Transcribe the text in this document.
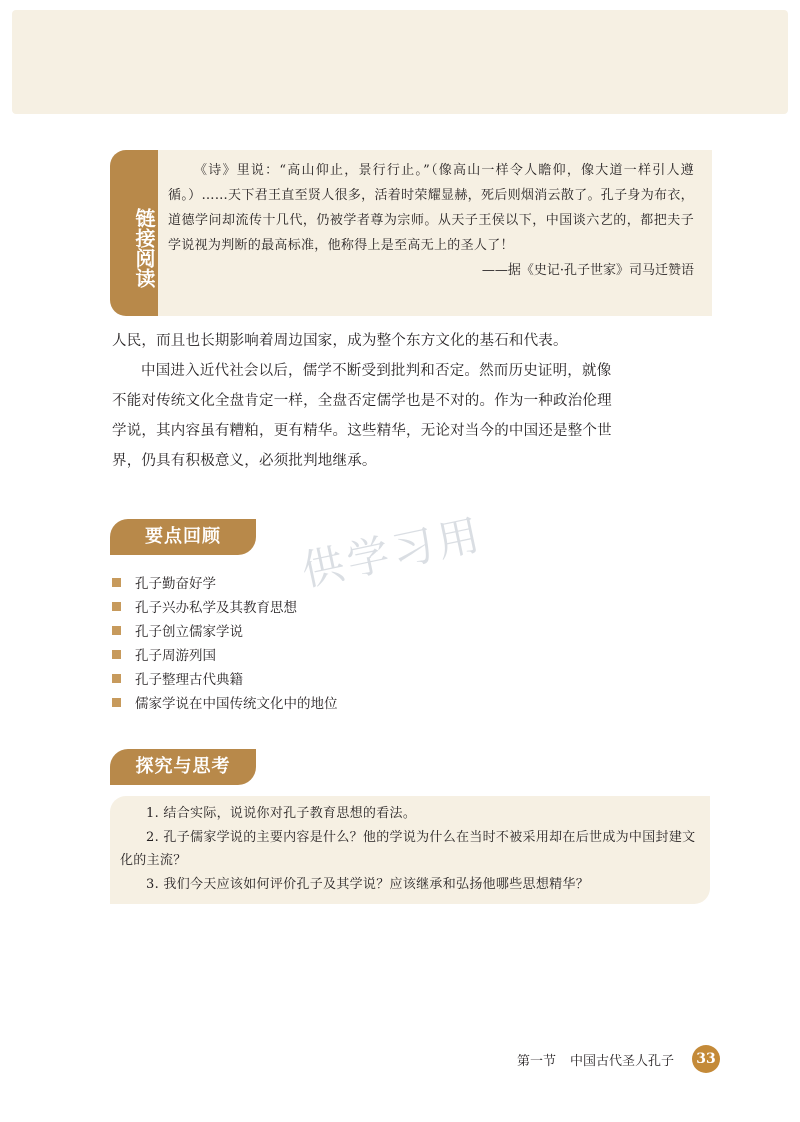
链接阅读

《诗》里说：“高山仰止，景行行止。”（像高山一样令人瞻仰，像大道一样引人遵循。）……天下君王直至贤人很多，活着时荣耀显赫，死后则烟消云散了。孔子身为布衣，道德学问却流传十几代，仍被学者尊为宗师。从天子王侯以下，中国谈六艺的，都把夫子学说视为判断的最高标准，他称得上是至高无上的圣人了！

——据《史记·孔子世家》司马迁赞语

人民，而且也长期影响着周边国家，成为整个东方文化的基石和代表。

中国进入近代社会以后，儒学不断受到批判和否定。然而历史证明，就像不能对传统文化全盘肯定一样，全盘否定儒学也是不对的。作为一种政治伦理学说，其内容虽有糟粕，更有精华。这些精华，无论对当今的中国还是整个世界，仍具有积极意义，必须批判地继承。

要点回顾	供学习用
孔子勤奋好学
孔子兴办私学及其教育思想
孔子创立儒家学说
孔子周游列国
孔子整理古代典籍
儒家学说在中国传统文化中的地位
探究与思考

1. 结合实际，说说你对孔子教育思想的看法。

2. 孔子儒家学说的主要内容是什么？他的学说为什么在当时不被采用却在后世成为中国封建文化的主流？

3. 我们今天应该如何评价孔子及其学说？应该继承和弘扬他哪些思想精华？

第一节 中国古代圣人孔子	33
